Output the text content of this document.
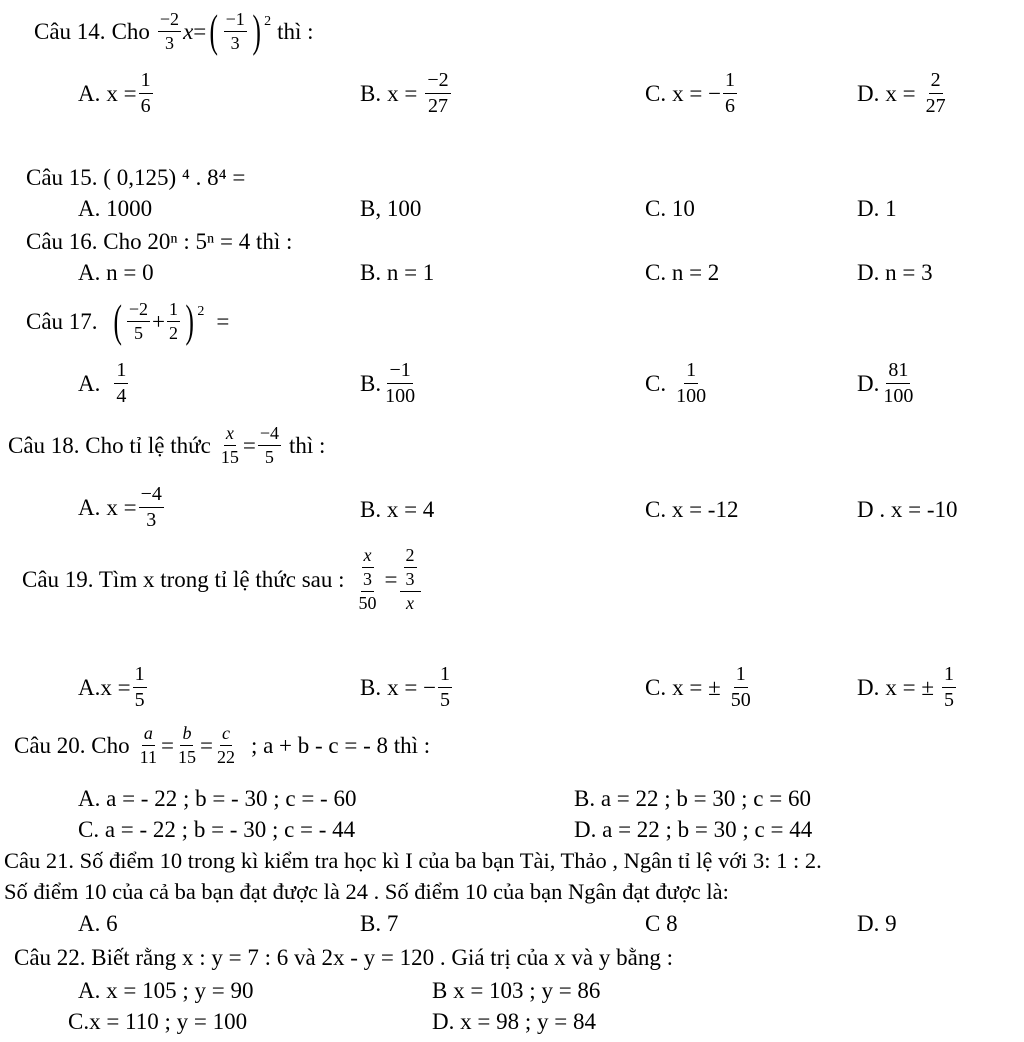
Câu 14. Cho $\frac{-2}{3}$ x = ( $\frac{-1}{3}$ ) 2 thì :
A. $x = \frac{1}{6}$	B. $x = \frac{-2}{27}$	C. x = − $\frac{1}{6}$	D. $x = \frac{2}{27}$
Câu 15. ( 0,125) ⁴ . 8⁴ =
A. 1000	B, 100	C. 10	D. 1
Câu 16. Cho 20ⁿ : 5ⁿ = 4 thì :
A. n = 0	B. n = 1	C. n = 2	D. n = 3
Câu 17. ( $\frac{-2}{5} + \frac{1}{2}$ ) 2 =
A. $\frac{1}{4}$	B. $\frac{-1}{100}$	C. $\frac{1}{100}$	D. $\frac{81}{100}$
Câu 18. Cho tỉ lệ thức $\frac{x}{15} = \frac{-4}{5}$ thì :
A. $x = \frac{-4}{3}$	B. x = 4	C. x = -12	D . x = -10
Câu 19. Tìm x trong tỉ lệ thức sau : $\frac{x}{\frac{3}{50}} = \frac{\frac{2}{3}}{x}$
A. $x = \frac{1}{5}$	B. x = − $\frac{1}{5}$	C. x = ± $\frac{1}{50}$	D. x = ± $\frac{1}{5}$
Câu 20. Cho $\frac{a}{11} = \frac{b}{15} = \frac{c}{22}$ ; a + b - c = - 8 thì :
A. a = - 22 ; b = - 30 ; c = - 60	B. a = 22 ; b = 30 ; c = 60
C. a = - 22 ; b = - 30 ; c = - 44	D. a = 22 ; b = 30 ; c = 44
Câu 21. Số điểm 10 trong kì kiểm tra học kì I của ba bạn Tài, Thảo , Ngân tỉ lệ với 3: 1 : 2.
Số điểm 10 của cả ba bạn đạt được là 24 . Số điểm 10 của bạn Ngân đạt được là:
A. 6	B. 7	C 8	D. 9
Câu 22. Biết rằng x : y = 7 : 6 và 2x - y = 120 . Giá trị của x và y bằng :
A. x = 105 ; y = 90	B x = 103 ; y = 86
C.x = 110 ; y = 100	D. x = 98 ; y = 84
